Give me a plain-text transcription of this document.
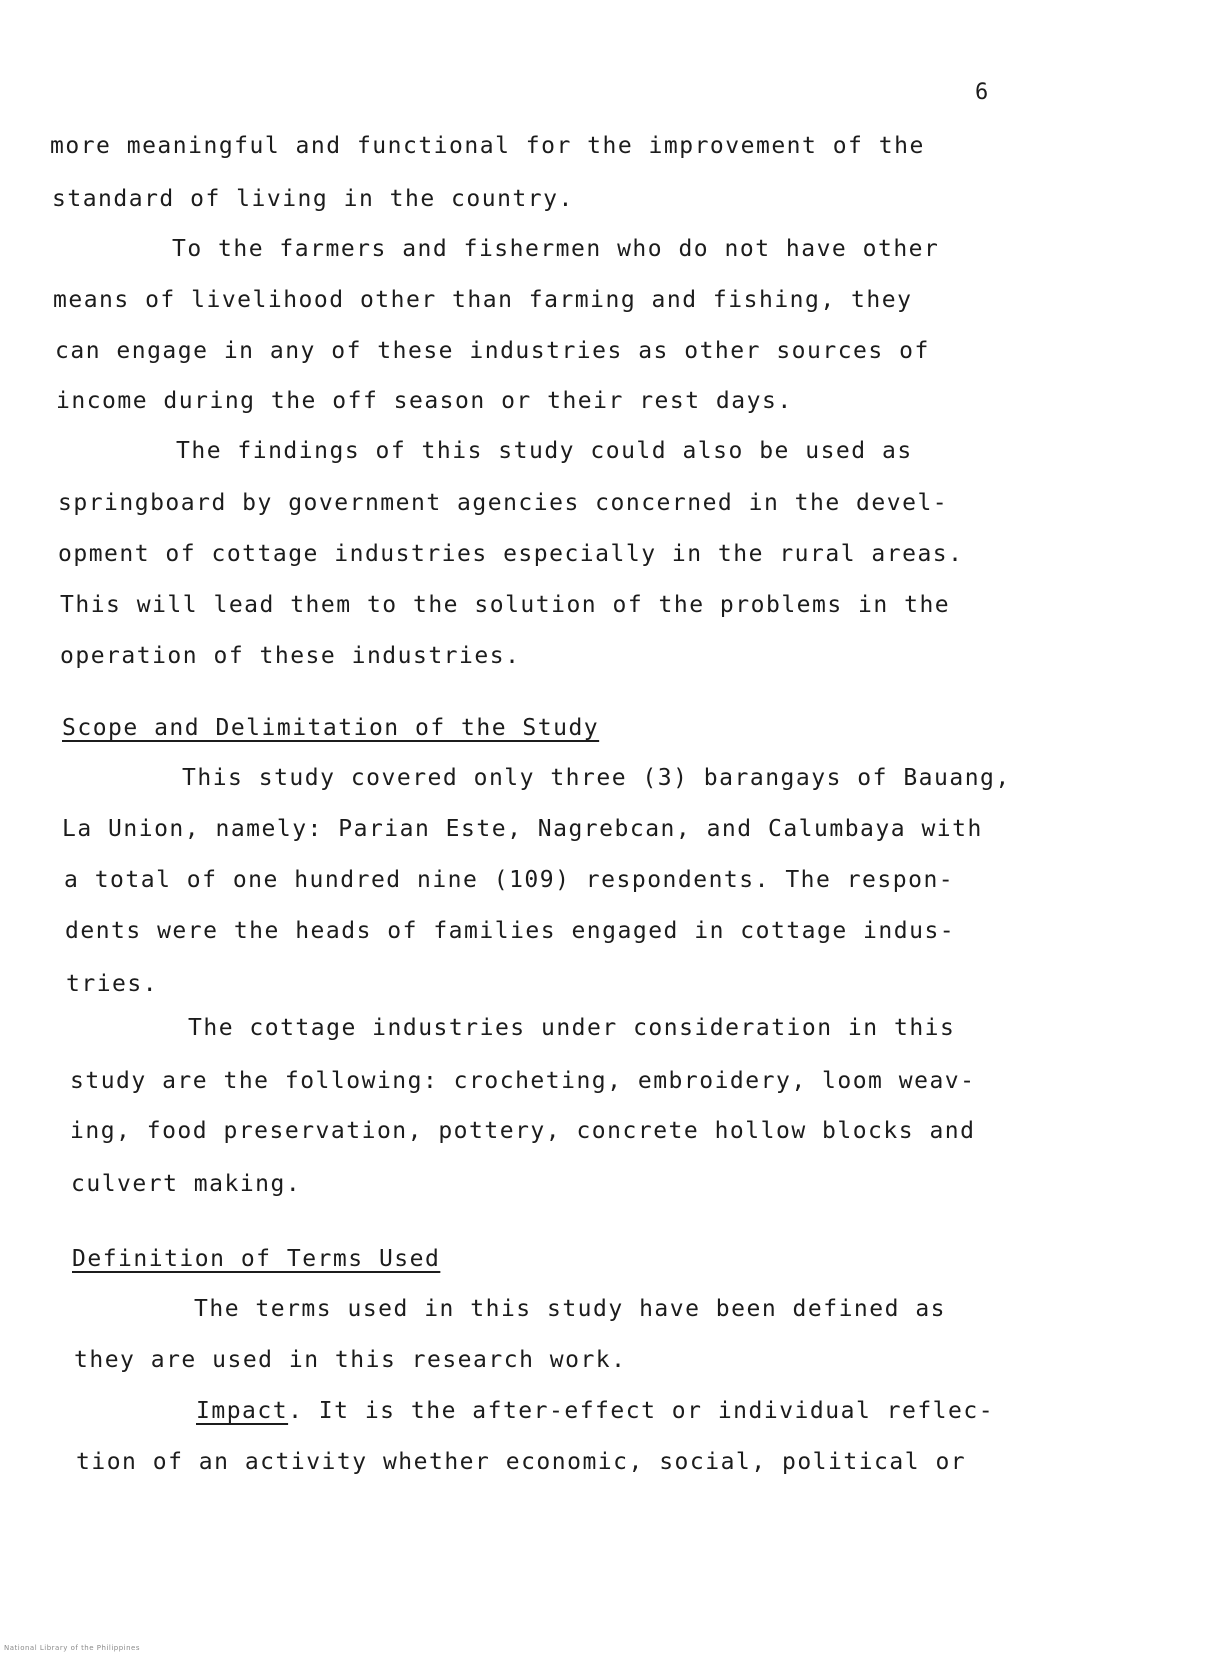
6
more meaningful and functional for the improvement of the
standard of living in the country.
To the farmers and fishermen who do not have other
means of livelihood other than farming and fishing, they
can engage in any of these industries as other sources of
income during the off season or their rest days.
The findings of this study could also be used as
springboard by government agencies concerned in the devel-
opment of cottage industries especially in the rural areas.
This will lead them to the solution of the problems in the
operation of these industries.
Scope and Delimitation of the Study
This study covered only three (3) barangays of Bauang,
La Union, namely: Parian Este, Nagrebcan, and Calumbaya with
a total of one hundred nine (109) respondents. The respon-
dents were the heads of families engaged in cottage indus-
tries.
The cottage industries under consideration in this
study are the following: crocheting, embroidery, loom weav-
ing, food preservation, pottery, concrete hollow blocks and
culvert making.
Definition of Terms Used
The terms used in this study have been defined as
they are used in this research work.
Impact. It is the after-effect or individual reflec-
tion of an activity whether economic, social, political or
National Library of the Philippines
